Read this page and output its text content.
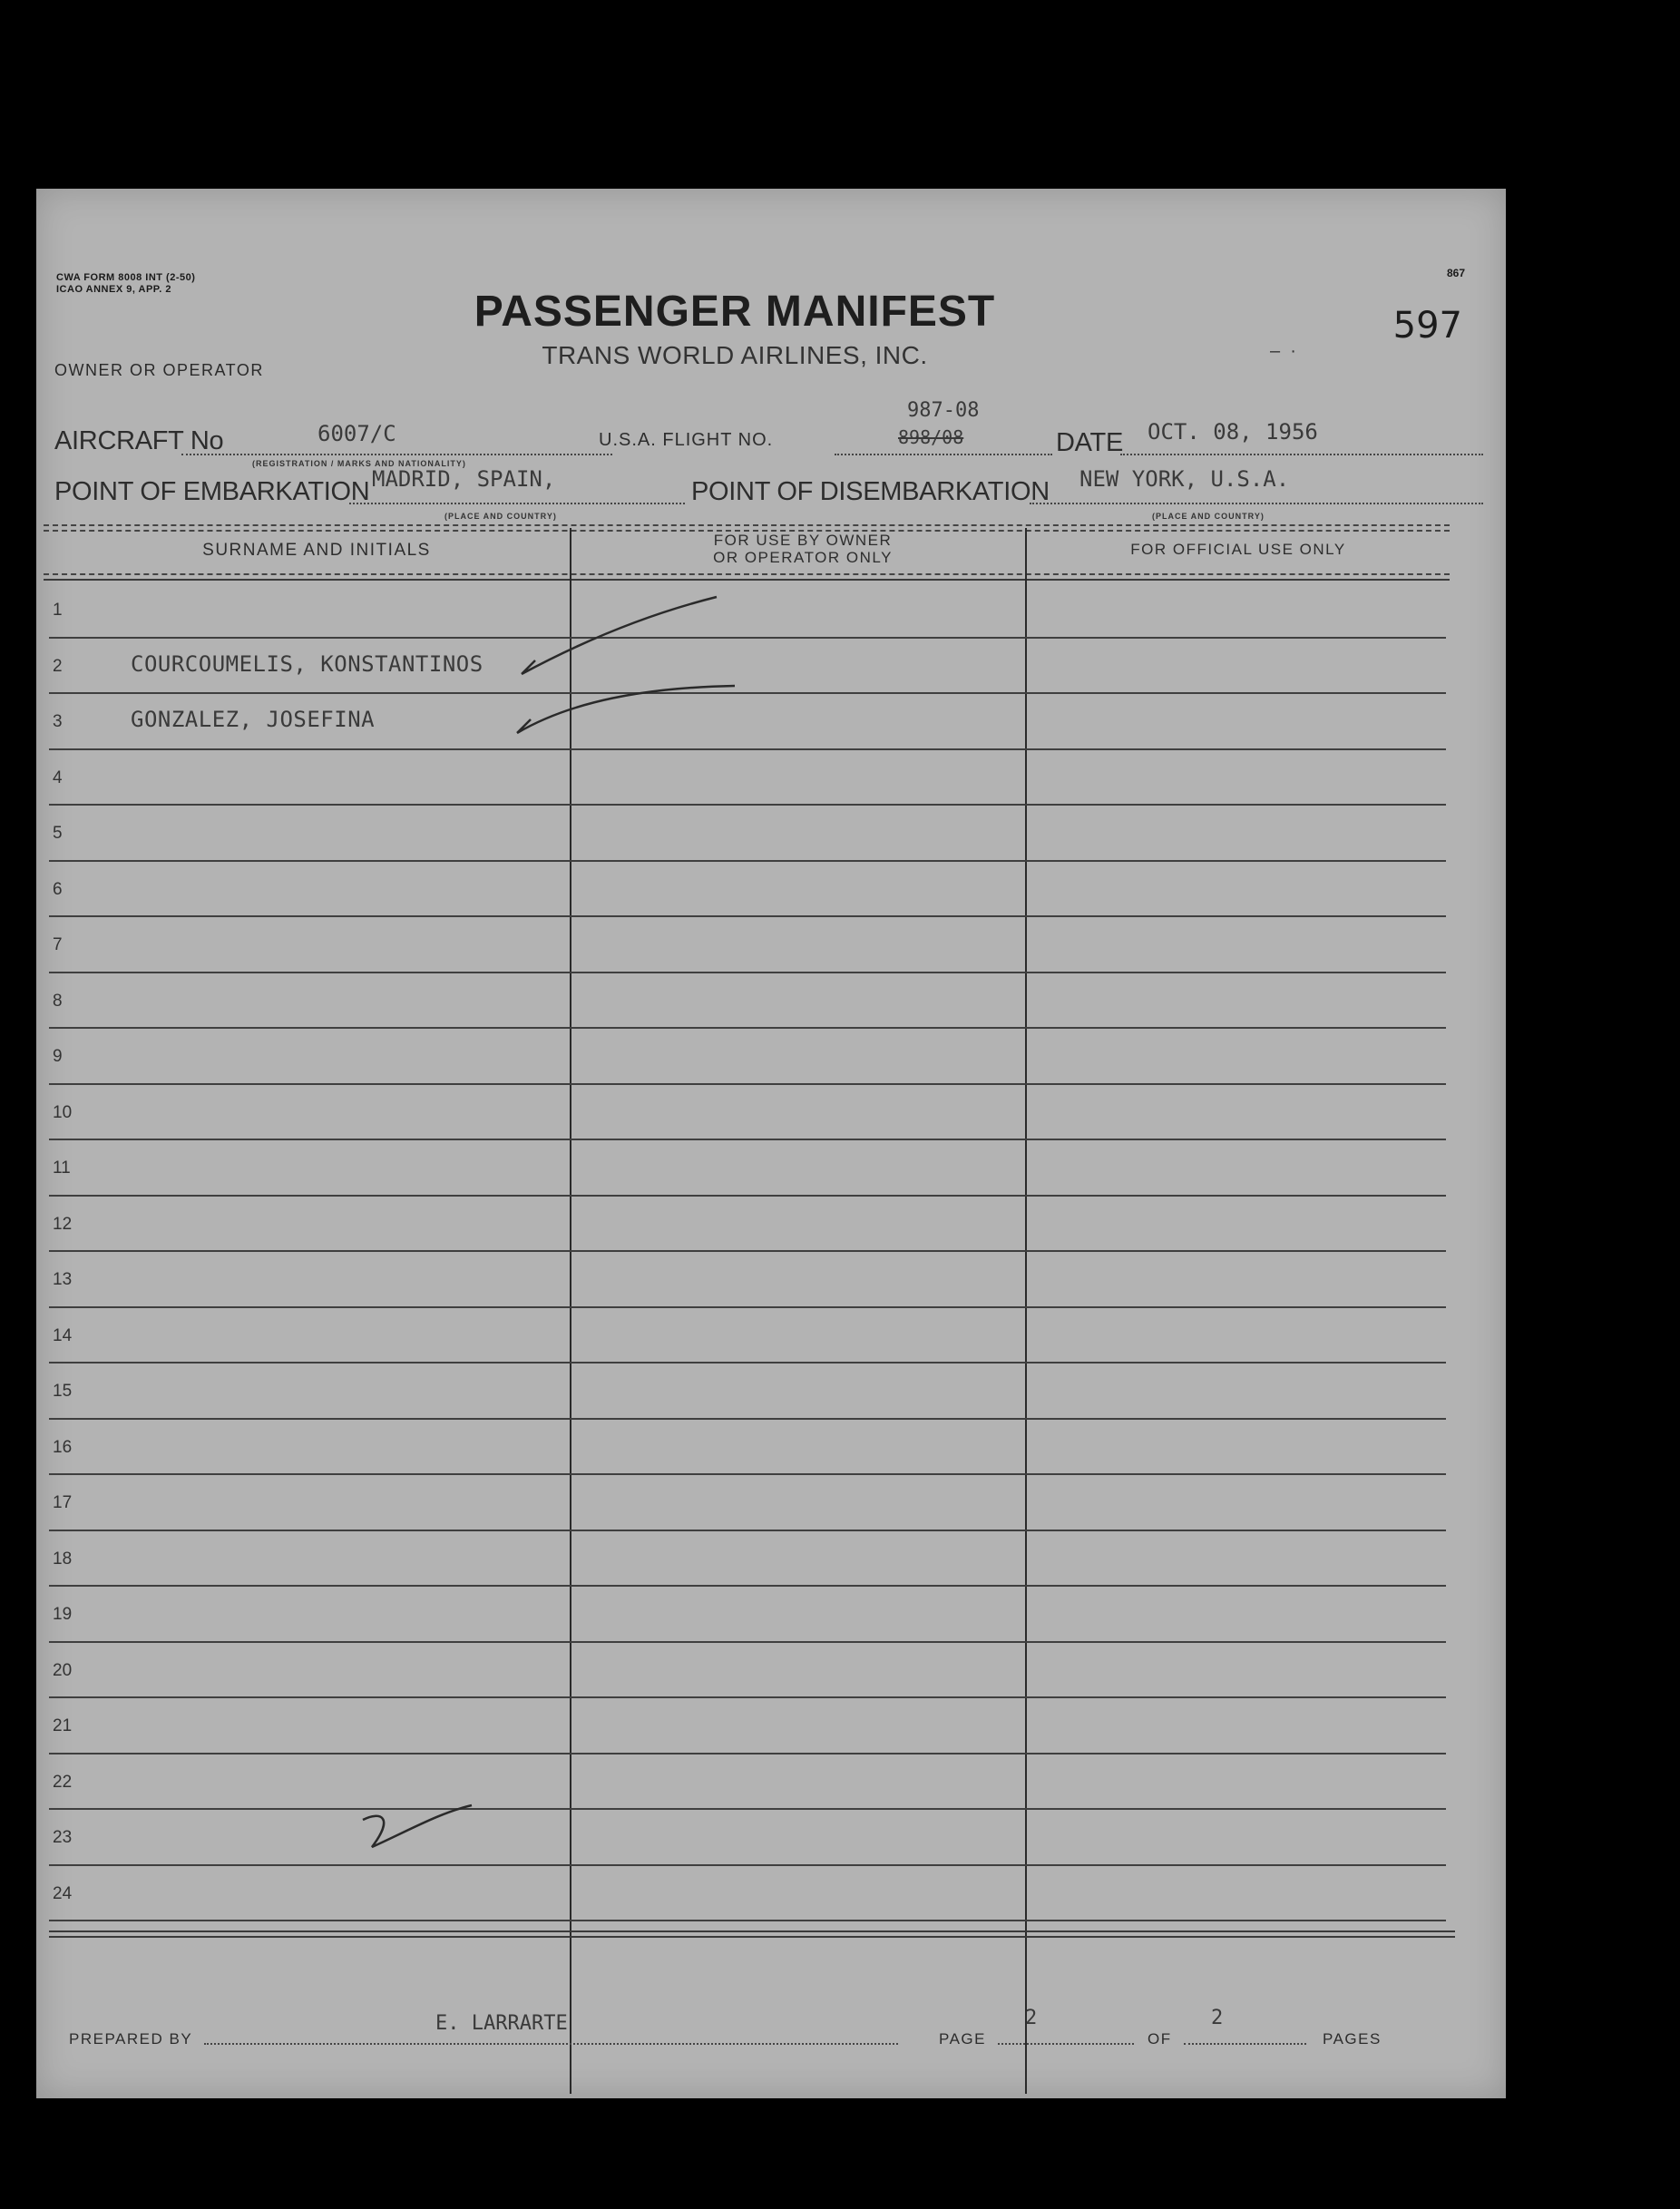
CWA FORM 8008 INT (2-50)
ICAO ANNEX 9, APP. 2
867
597
PASSENGER MANIFEST
TRANS WORLD AIRLINES, INC.	–  ·
OWNER OR OPERATOR
AIRCRAFT No	6007/C
(REGISTRATION / MARKS AND NATIONALITY)
U.S.A. FLIGHT NO.
987-08
898/08	DATE OCT. 08, 1956
POINT OF EMBARKATION MADRID, SPAIN,
(PLACE AND COUNTRY)
POINT OF DISEMBARKATION NEW YORK, U.S.A.
(PLACE AND COUNTRY)
SURNAME AND INITIALS
FOR USE BY OWNER
OR OPERATOR ONLY	FOR OFFICIAL USE ONLY
1
2	COURCOUMELIS, KONSTANTINOS
3	GONZALEZ, JOSEFINA
4
5
6
7
8
9
10
11
12
13
14
15
16
17
18
19
20
21
22
23
24
PREPARED BY
E. LARRARTE
PAGE
2
OF
2
PAGES
